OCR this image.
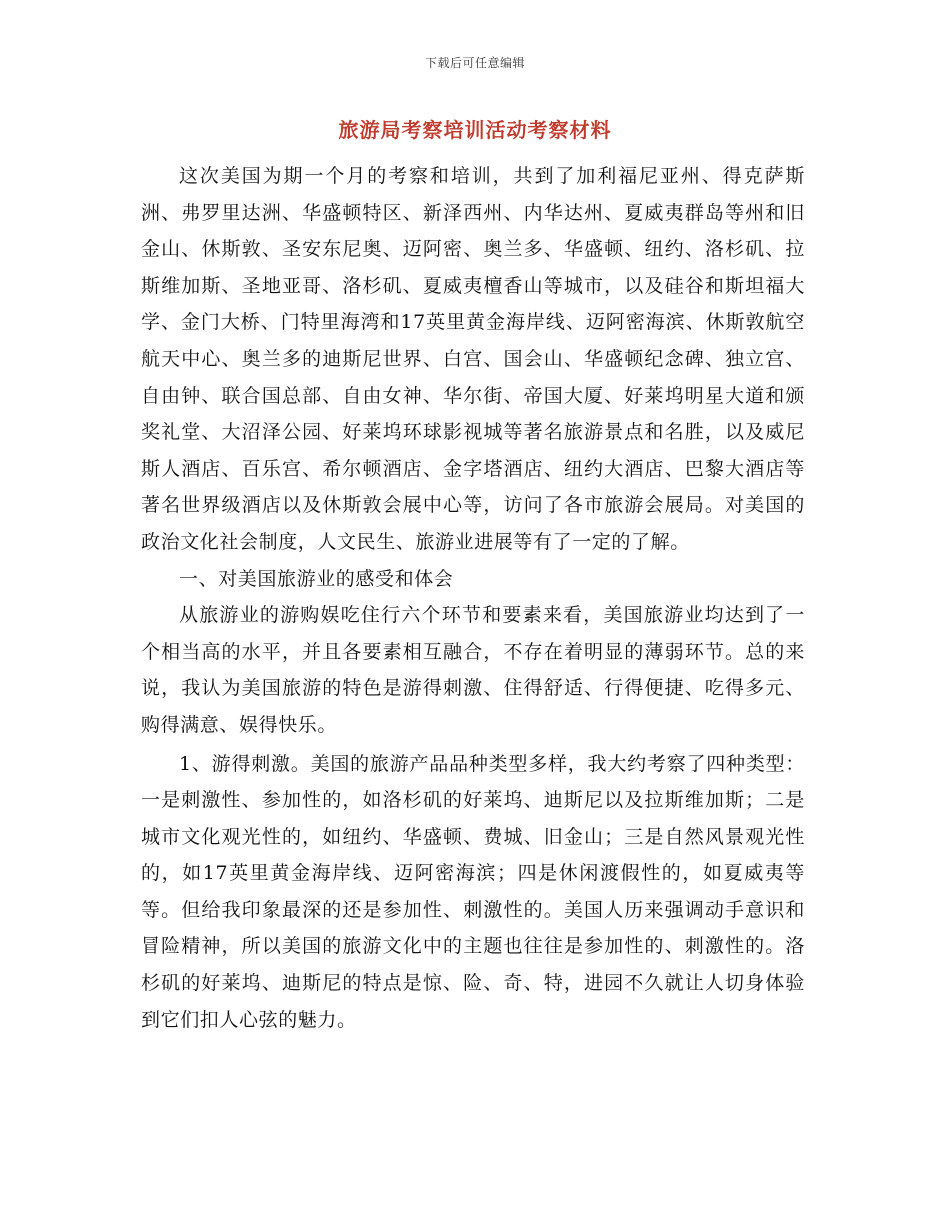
下载后可任意编辑
旅游局考察培训活动考察材料

这次美国为期一个月的考察和培训，共到了加利福尼亚州、得克萨斯洲、弗罗里达洲、华盛顿特区、新泽西州、内华达州、夏威夷群岛等州和旧金山、休斯敦、圣安东尼奥、迈阿密、奥兰多、华盛顿、纽约、洛杉矶、拉斯维加斯、圣地亚哥、洛杉矶、夏威夷檀香山等城市，以及硅谷和斯坦福大学、金门大桥、门特里海湾和17英里黄金海岸线、迈阿密海滨、休斯敦航空航天中心、奥兰多的迪斯尼世界、白宫、国会山、华盛顿纪念碑、独立宫、自由钟、联合国总部、自由女神、华尔街、帝国大厦、好莱坞明星大道和颁奖礼堂、大沼泽公园、好莱坞环球影视城等著名旅游景点和名胜，以及威尼斯人酒店、百乐宫、希尔顿酒店、金字塔酒店、纽约大酒店、巴黎大酒店等著名世界级酒店以及休斯敦会展中心等，访问了各市旅游会展局。对美国的政治文化社会制度，人文民生、旅游业进展等有了一定的了解。

一、对美国旅游业的感受和体会

从旅游业的游购娱吃住行六个环节和要素来看，美国旅游业均达到了一个相当高的水平，并且各要素相互融合，不存在着明显的薄弱环节。总的来说，我认为美国旅游的特色是游得刺激、住得舒适、行得便捷、吃得多元、购得满意、娱得快乐。

1、游得刺激。美国的旅游产品品种类型多样，我大约考察了四种类型：一是刺激性、参加性的，如洛杉矶的好莱坞、迪斯尼以及拉斯维加斯；二是城市文化观光性的，如纽约、华盛顿、费城、旧金山；三是自然风景观光性的，如17英里黄金海岸线、迈阿密海滨；四是休闲渡假性的，如夏威夷等等。但给我印象最深的还是参加性、刺激性的。美国人历来强调动手意识和冒险精神，所以美国的旅游文化中的主题也往往是参加性的、刺激性的。洛杉矶的好莱坞、迪斯尼的特点是惊、险、奇、特，进园不久就让人切身体验到它们扣人心弦的魅力。
